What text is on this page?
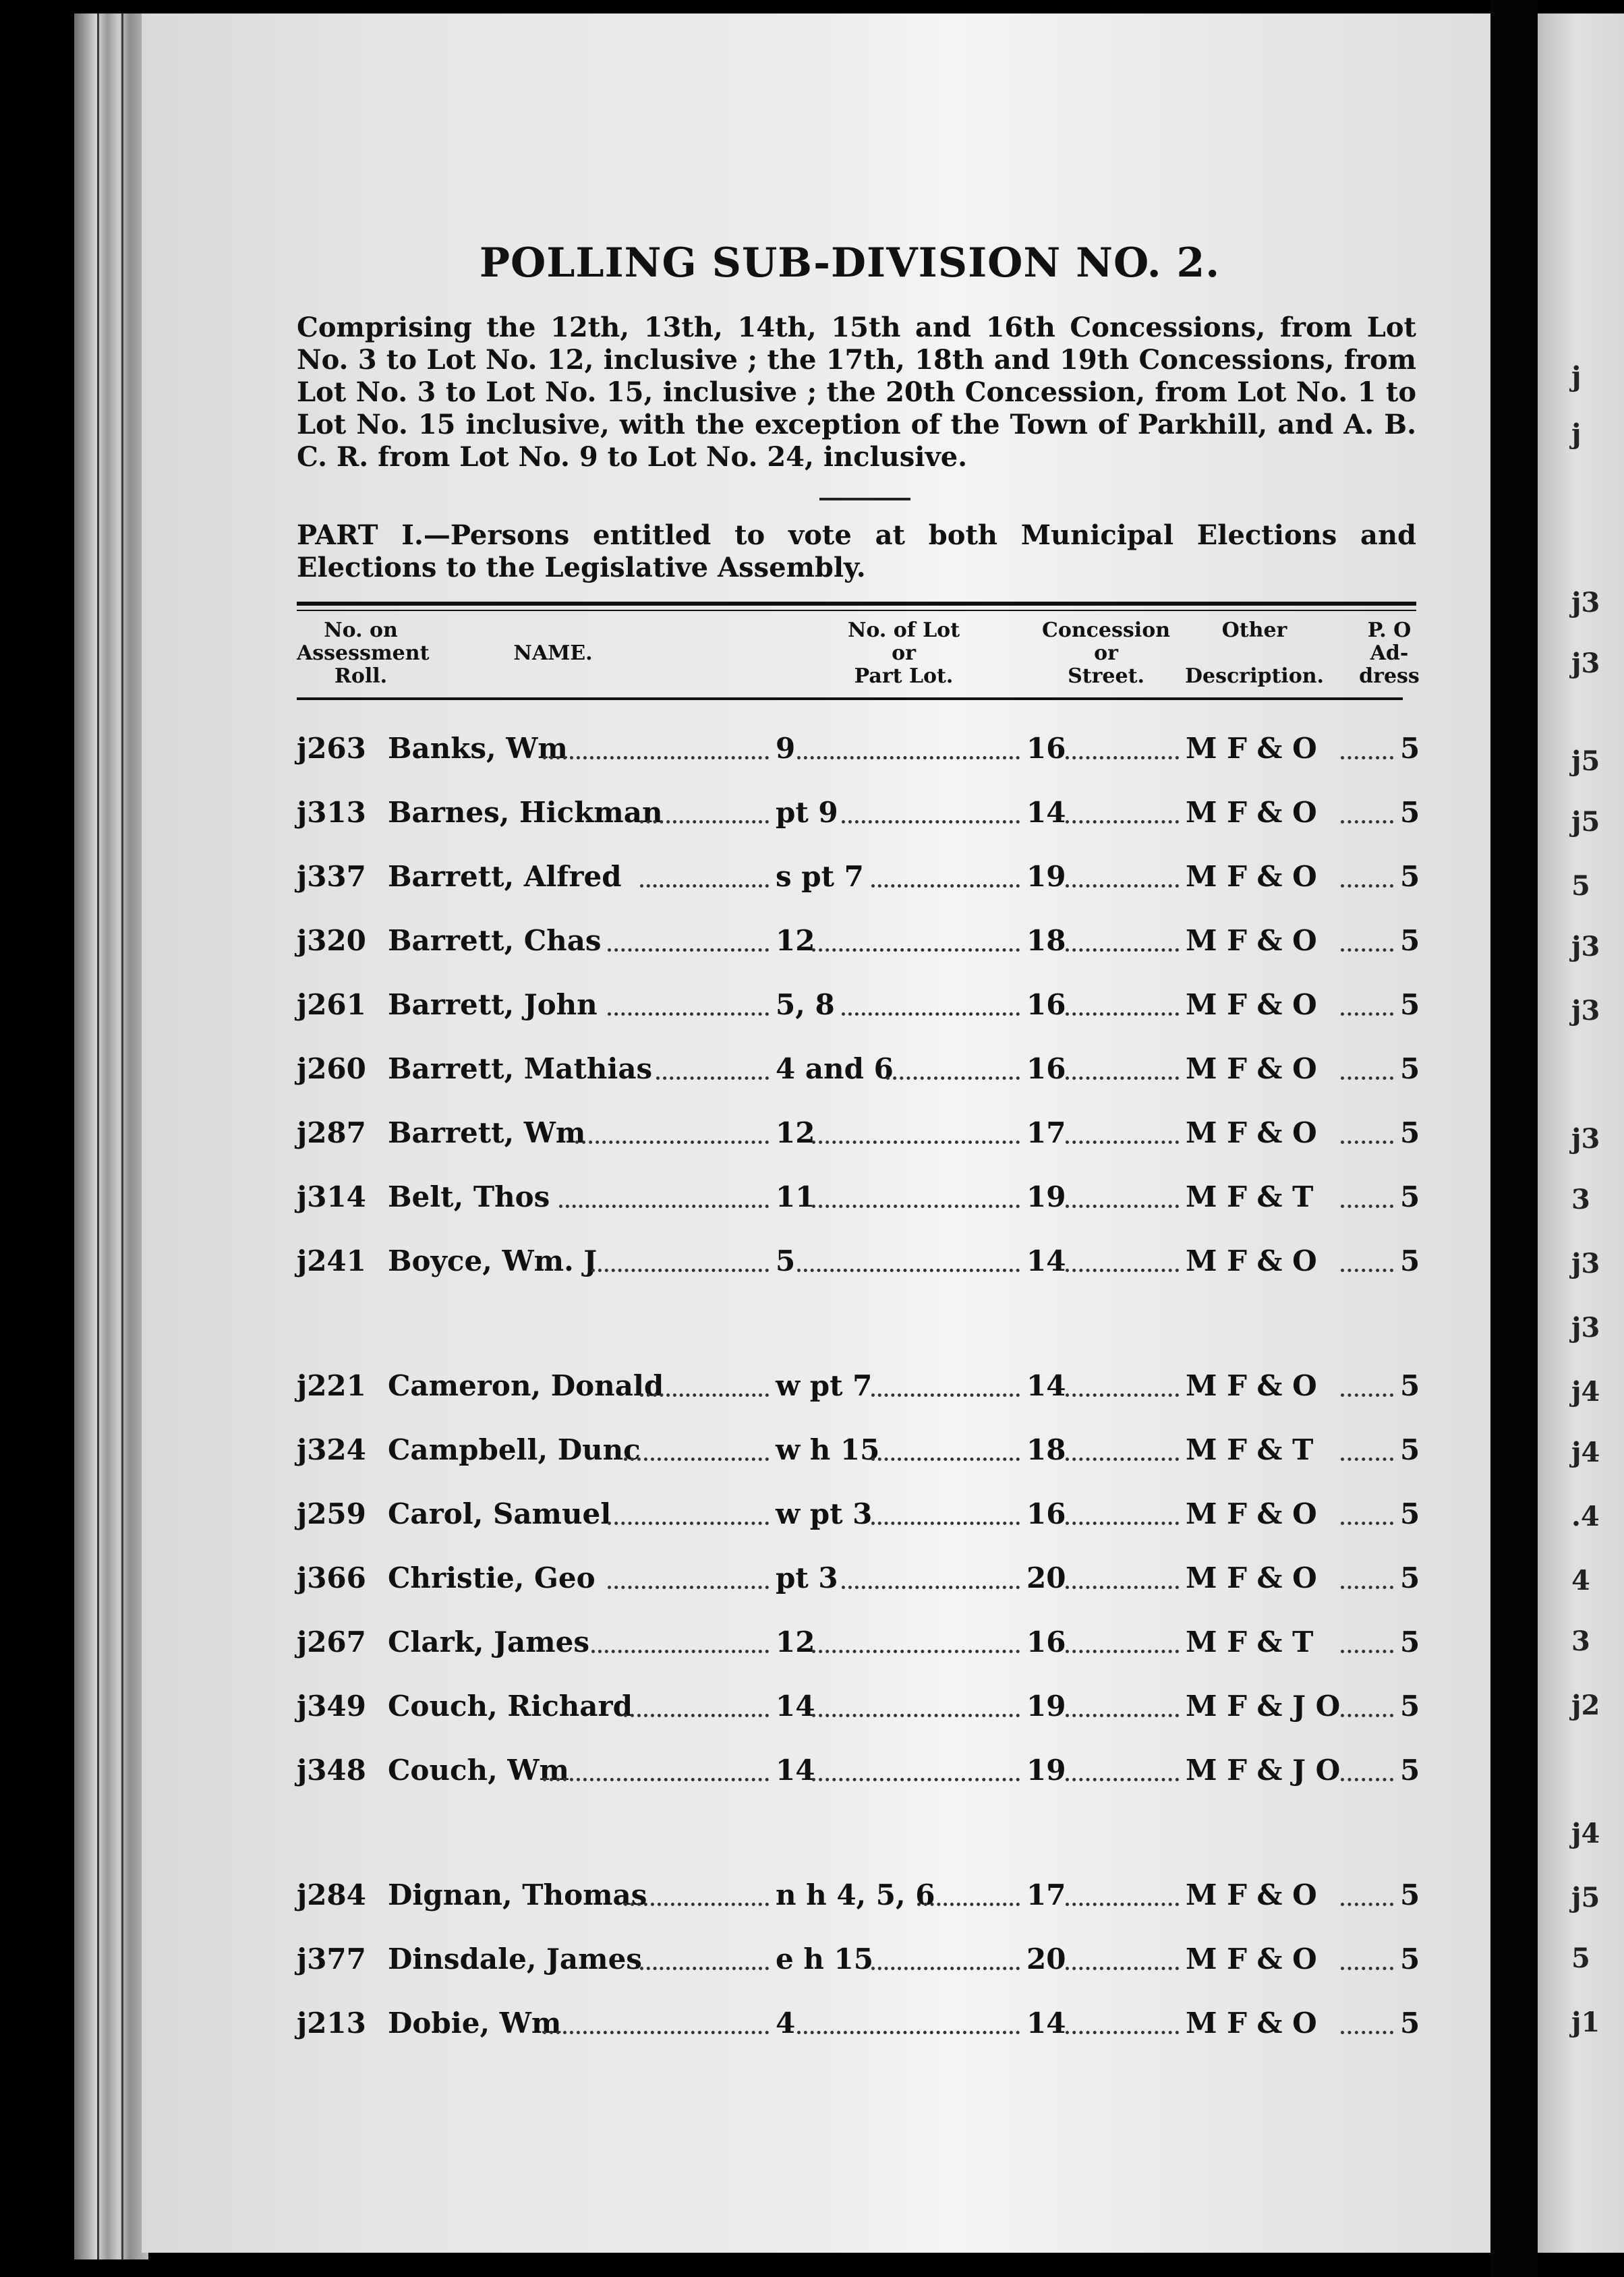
j
j
j3
j3
j5
j5
5
j3
j3
j3
3
j3
j3
j4
j4
.4
4
3
j2
j4
j5
5
j1
POLLING SUB-DIVISION NO. 2.
Comprising the 12th, 13th, 14th, 15th and 16th Concessions, from Lot No. 3 to Lot No. 12, inclusive ; the 17th, 18th and 19th Concessions, from Lot No. 3 to Lot No. 15, inclusive ; the 20th Concession, from Lot No. 1 to Lot No. 15 inclusive, with the exception of the Town of Parkhill, and A. B. C. R. from Lot No. 9 to Lot No. 24, inclusive.
PART I.—Persons entitled to vote at both Municipal Elections and Elections to the Legislative Assembly.
No. on
Assessment
Roll.
NAME.
No. of Lot
or
Part Lot.
Concession
or
Street.
Other
Description.
P. O
Ad-
dress
j263 Banks, Wm	9	16	M F & O	5
j313 Barnes, Hickman	pt 9	14	M F & O	5
j337 Barrett, Alfred	s pt 7	19	M F & O	5
j320 Barrett, Chas	12	18	M F & O	5
j261 Barrett, John	5, 8	16	M F & O	5
j260 Barrett, Mathias	4 and 6	16	M F & O	5
j287 Barrett, Wm	12	17	M F & O	5
j314 Belt, Thos	11	19	M F & T	5
j241 Boyce, Wm. J	5	14	M F & O	5
j221 Cameron, Donald	w pt 7	14	M F & O	5
j324 Campbell, Dunc	w h 15	18	M F & T	5
j259 Carol, Samuel	w pt 3	16	M F & O	5
j366 Christie, Geo	pt 3	20	M F & O	5
j267 Clark, James	12	16	M F & T	5
j349 Couch, Richard	14	19	M F & J O 5
j348 Couch, Wm	14	19	M F & J O 5
j284 Dignan, Thomas	n h 4, 5, 6	17	M F & O	5
j377 Dinsdale, James	e h 15	20	M F & O	5
j213 Dobie, Wm	4	14	M F & O	5
